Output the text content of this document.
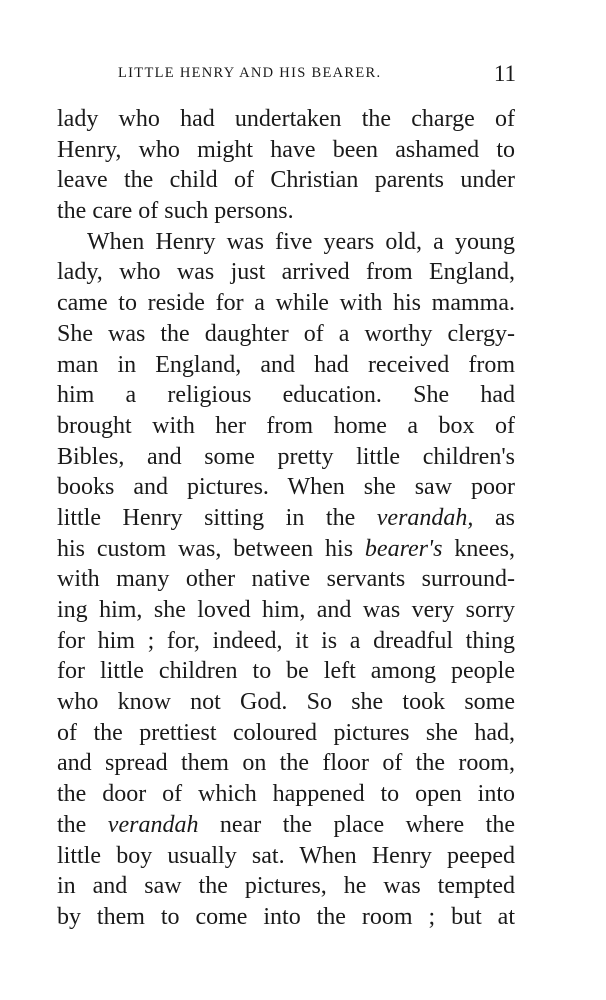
LITTLE HENRY AND HIS BEARER.	11
lady who had undertaken the charge of
Henry, who might have been ashamed to
leave the child of Christian parents under
the care of such persons.
When Henry was five years old, a young
lady, who was just arrived from England,
came to reside for a while with his mamma.
She was the daughter of a worthy clergy-
man in England, and had received from
him a religious education. She had
brought with her from home a box of
Bibles, and some pretty little children's
books and pictures. When she saw poor
little Henry sitting in the verandah, as
his custom was, between his bearer's knees,
with many other native servants surround-
ing him, she loved him, and was very sorry
for him ; for, indeed, it is a dreadful thing
for little children to be left among people
who know not God. So she took some
of the prettiest coloured pictures she had,
and spread them on the floor of the room,
the door of which happened to open into
the verandah near the place where the
little boy usually sat. When Henry peeped
in and saw the pictures, he was tempted
by them to come into the room ; but at
